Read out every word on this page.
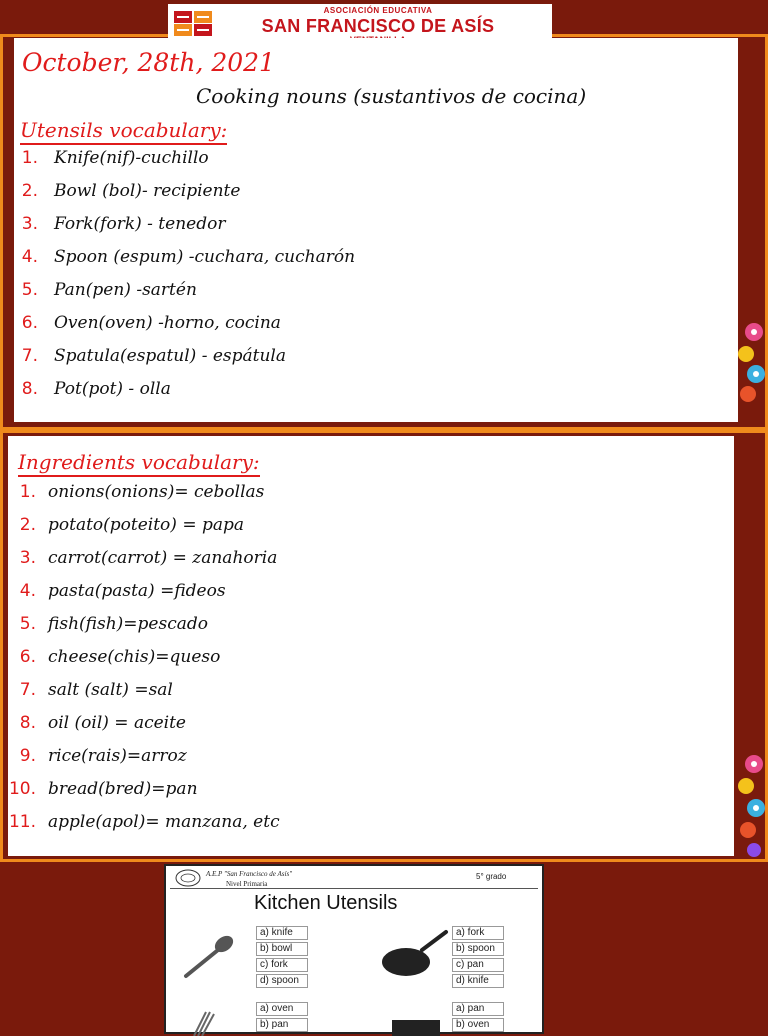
ASOCIACIÓN EDUCATIVA
SAN FRANCISCO DE ASÍS
October, 28th, 2021
Cooking nouns (sustantivos de cocina)
Utensils vocabulary:
1. Knife(nif)-cuchillo
2. Bowl (bol)- recipiente
3. Fork(fork) - tenedor
4. Spoon (espum) -cuchara, cucharón
5. Pan(pen) -sartén
6. Oven(oven) -horno, cocina
7. Spatula(espatul) - espátula
8. Pot(pot) - olla
Ingredients vocabulary:
1. onions(onions)= cebollas
2. potato(poteito) = papa
3. carrot(carrot) = zanahoria
4. pasta(pasta) =fideos
5. fish(fish)=pescado
6. cheese(chis)=queso
7. salt (salt) =sal
8. oil (oil) = aceite
9. rice(rais)=arroz
10. bread(bred)=pan
11. apple(apol)= manzana, etc
A.E.P "San Francisco de Asís"
Nivel Primaria
5° grado
Kitchen Utensils
a) knife
b) bowl
c) fork
d) spoon
a) fork
b) spoon
c) pan
d) knife
a) oven
b) pan
a) pan
b) oven
